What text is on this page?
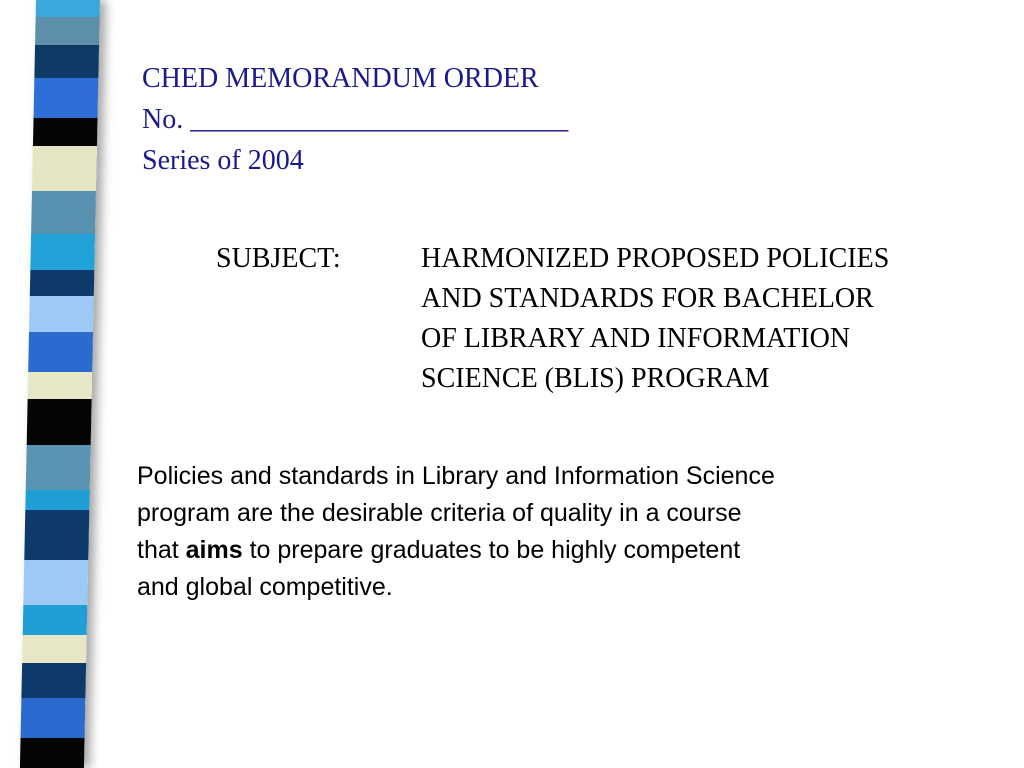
CHED MEMORANDUM ORDER
No. ___________________________
Series of 2004
SUBJECT:	HARMONIZED PROPOSED POLICIES
AND STANDARDS FOR BACHELOR
OF LIBRARY AND INFORMATION
SCIENCE (BLIS) PROGRAM

Policies and standards in Library and Information Science
program are the desirable criteria of quality in a course
that aims to prepare graduates to be highly competent
and global competitive.
